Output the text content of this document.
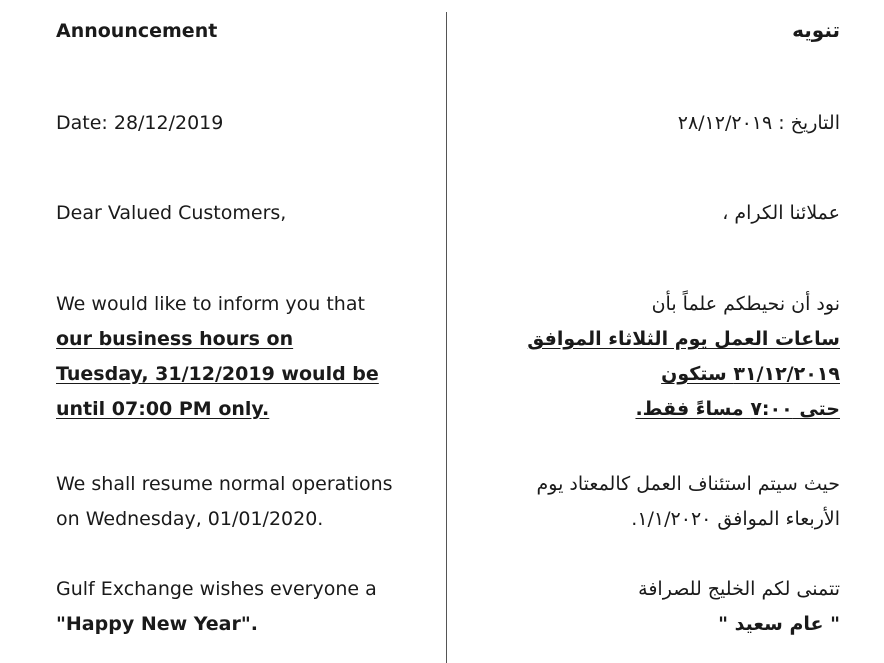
Announcement
Date: 28/12/2019
Dear Valued Customers,
We would like to inform you that
our business hours on
Tuesday, 31/12/2019 would be
until 07:00 PM only.
We shall resume normal operations
on Wednesday, 01/01/2020.
Gulf Exchange wishes everyone a
"Happy New Year".
تنويه
التاريخ : ٢٨/١٢/٢٠١٩
عملائنا الكرام ،
نود أن نحيطكم علماً بأن
ساعات العمل يوم الثلاثاء الموافق
٣١/١٢/٢٠١٩ ستكون
حتى ٧:٠٠ مساءً فقط.
حيث سيتم استئناف العمل كالمعتاد يوم
الأربعاء الموافق ١/١/٢٠٢٠.
تتمنى لكم الخليج للصرافة
" عام سعيد "
